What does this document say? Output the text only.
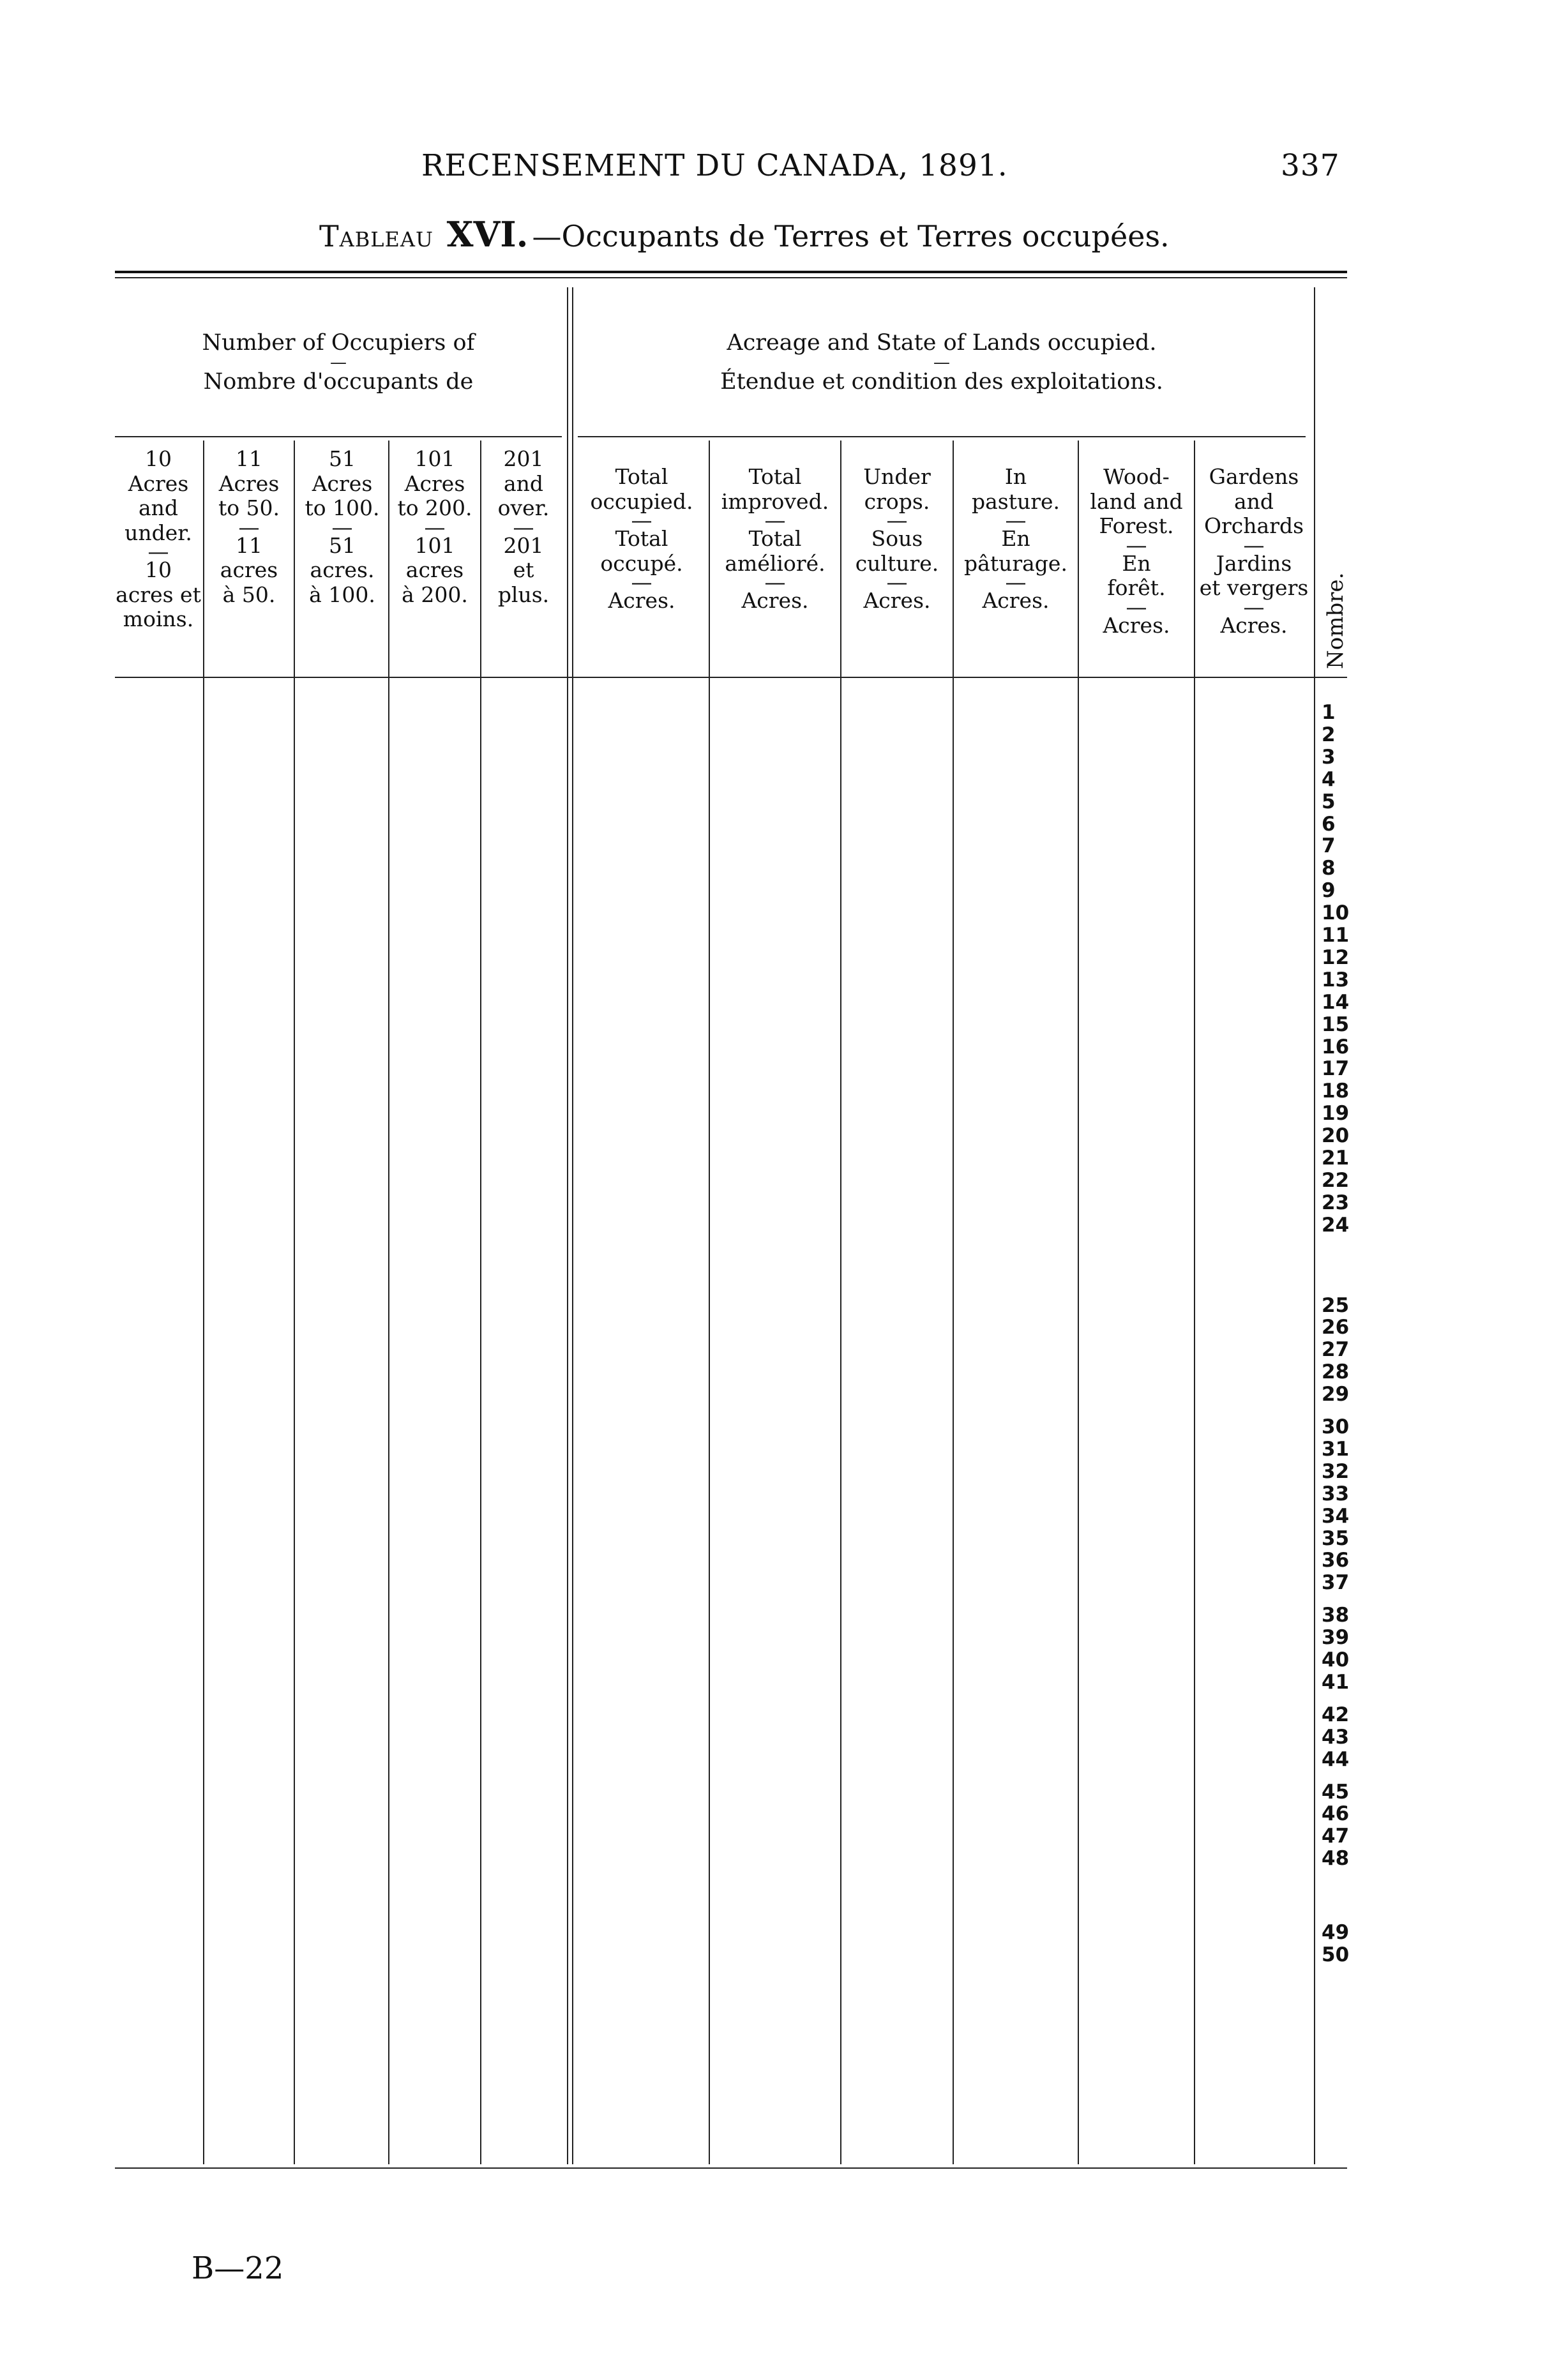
RECENSEMENT DU CANADA, 1891.	337
Tableau XVI. —Occupants de Terres et Terres occupées.
Number of Occupiers of
—
Nombre d'occupants de
Acreage and State of Lands occupied.
—
Étendue et condition des exploitations.
10
Acres
and
under.
—
10
acres et
moins.
11
Acres
to 50.
—
11
acres
à 50.
51
Acres
to 100.
—
51
acres.
à 100.
101
Acres
to 200.
—
101
acres
à 200.
201
and
over.
—
201
et
plus.
Total
occupied.
—
Total
occupé.
—
Acres.
Total
improved.
—
Total
amélioré.
—
Acres.
Under
crops.
—
Sous
culture.
—
Acres.
In
pasture.
—
En
pâturage.
—
Acres.
Wood-
land and
Forest.
—
En
forêt.
—
Acres.
Gardens
and
Orchards
—
Jardins
et vergers
—
Acres.	Nombre.
1
2
3
4
5
6
7
8
9
10
11
12
13
14
15
16
17
18
19
20
21
22
23
24
25
26
27
28
29
30
31
32
33
34
35
36
37
38
39
40
41
42
43
44
45
46
47
48
49
50
B—22
